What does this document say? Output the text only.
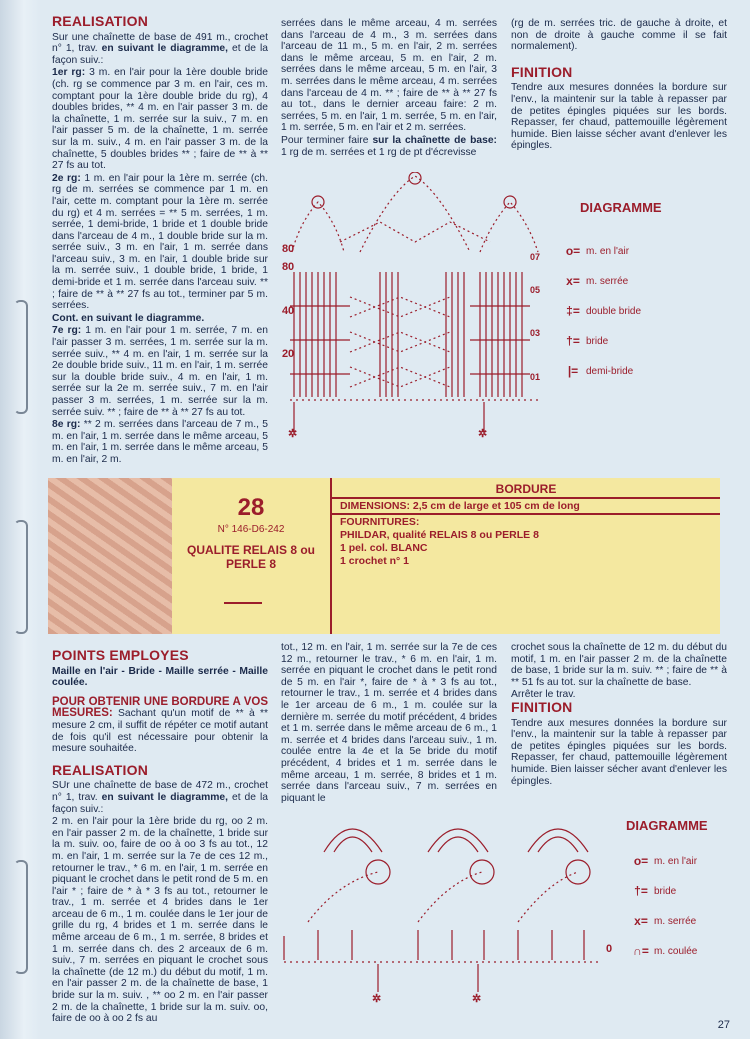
REALISATION

Sur une chaînette de base de 491 m., crochet n° 1, trav. en suivant le diagramme, et de la façon suiv.:

1er rg: 3 m. en l'air pour la 1ère double bride (ch. rg se commence par 3 m. en l'air, ces m. comptant pour la 1ère double bride du rg), 4 doubles brides, ** 4 m. en l'air passer 3 m. de la chaînette, 1 m. serrée sur la suiv., 7 m. en l'air passer 5 m. de la chaînette, 1 m. serrée sur la m. suiv., 4 m. en l'air passer 3 m. de la chaînette, 5 doubles brides ** ; faire de ** à ** 27 fs au tot.

2e rg: 1 m. en l'air pour la 1ère m. serrée (ch. rg de m. serrées se commence par 1 m. en l'air, cette m. comptant pour la 1ère m. serrée du rg) et 4 m. serrées = ** 5 m. serrées, 1 m. serrée, 1 demi-bride, 1 bride et 1 double bride dans l'arceau de 4 m., 1 double bride sur la m. serrée suiv., 3 m. en l'air, 1 m. serrée dans l'arceau suiv., 3 m. en l'air, 1 double bride sur la m. serrée suiv., 1 double bride, 1 bride, 1 demi-bride et 1 m. serrée dans l'arceau suiv. ** ; faire de ** à ** 27 fs au tot., terminer par 5 m. serrées.

Cont. en suivant le diagramme.

7e rg: 1 m. en l'air pour 1 m. serrée, 7 m. en l'air passer 3 m. serrées, 1 m. serrée sur la m. serrée suiv., ** 4 m. en l'air, 1 m. serrée sur la 2e double bride suiv., 11 m. en l'air, 1 m. serrée sur la double bride suiv., 4 m. en l'air, 1 m. serrée sur la 2e m. serrée suiv., 7 m. en l'air passer 3 m. serrées, 1 m. serrée sur la m. serrée suiv. ** ; faire de ** à ** 27 fs au tot.

8e rg: ** 2 m. serrées dans l'arceau de 7 m., 5 m. en l'air, 1 m. serrée dans le même arceau, 5 m. en l'air, 1 m. serrée dans le même arceau, 5 m. en l'air, 2 m.

serrées dans le même arceau, 4 m. serrées dans l'arceau de 4 m., 3 m. serrées dans l'arceau de 11 m., 5 m. en l'air, 2 m. serrées dans le même arceau, 5 m. en l'air, 2 m. serrées dans le même arceau, 5 m. en l'air, 3 m. serrées dans le même arceau, 4 m. serrées dans l'arceau de 4 m. ** ; faire de ** à ** 27 fs au tot., dans le dernier arceau faire: 2 m. serrées, 5 m. en l'air, 1 m. serrée, 5 m. en l'air, 1 m. serrée, 5 m. en l'air et 2 m. serrées.

Pour terminer faire sur la chaînette de base: 1 rg de m. serrées et 1 rg de pt d'écrevisse

(rg de m. serrées tric. de gauche à droite, et non de droite à gauche comme il se fait normalement).

FINITION

Tendre aux mesures données la bordure sur l'env., la maintenir sur la table à repasser par de petites épingles piquées sur les bords. Repasser, fer chaud, pattemouille légèrement humide. Bien laisse sécher avant d'enlever les épingles.

✲	✲
8 0
8 0
4 0
2 0
07
05
03
01
DIAGRAMME
o= m. en l'air
x= m. serrée
‡= double bride
†= bride
|= demi-bride
28
N° 146-D6-242
QUALITE RELAIS 8 ou PERLE 8
BORDURE
DIMENSIONS: 2,5 cm de large et 105 cm de long
FOURNITURES:
PHILDAR, qualité RELAIS 8 ou PERLE 8
1 pel. col. BLANC
1 crochet n° 1
POINTS EMPLOYES

Maille en l'air - Bride - Maille serrée - Maille coulée.

POUR OBTENIR UNE BORDURE A VOS MESURES: Sachant qu'un motif de ** à ** mesure 2 cm, il suffit de répéter ce motif autant de fois qu'il est nécessaire pour obtenir la mesure souhaitée.

REALISATION

SUr une chaînette de base de 472 m., crochet n° 1, trav. en suivant le diagramme, et de la façon suiv.:

2 m. en l'air pour la 1ère bride du rg, oo 2 m. en l'air passer 2 m. de la chaînette, 1 bride sur la m. suiv. oo, faire de oo à oo 3 fs au tot., 12 m. en l'air, 1 m. serrée sur la 7e de ces 12 m., retourner le trav., * 6 m. en l'air, 1 m. serrée en piquant le crochet dans le petit rond de 5 m. en l'air * ; faire de * à * 3 fs au tot., retourner le trav., 1 m. serrée et 4 brides dans le 1er arceau de 6 m., 1 m. coulée dans le 1er jour de grille du rg, 4 brides et 1 m. serrée dans le même arceau de 6 m., 1 m. serrée, 8 brides et 1 m. serrée dans ch. des 2 arceaux de 6 m. suiv., 7 m. serrées en piquant le crochet sous la chaînette (de 12 m.) du début du motif, 1 m. en l'air passer 2 m. de la chaînette de base, 1 bride sur la m. suiv. , ** oo 2 m. en l'air passer 2 m. de la chaînette, 1 bride sur la m. suiv. oo, faire de oo à oo 2 fs au

tot., 12 m. en l'air, 1 m. serrée sur la 7e de ces 12 m., retourner le trav., * 6 m. en l'air, 1 m. serrée en piquant le crochet dans le petit rond de 5 m. en l'air *, faire de * à * 3 fs au tot., retourner le trav., 1 m. serrée et 4 brides dans le 1er arceau de 6 m., 1 m. coulée sur la dernière m. serrée du motif précédent, 4 brides et 1 m. serrée dans le même arceau de 6 m., 1 m. serrée et 4 brides dans l'arceau suiv., 1 m. coulée entre la 4e et la 5e bride du motif précédent, 4 brides et 1 m. serrée dans le même arceau, 1 m. serrée, 8 brides et 1 m. serrée dans l'arceau suiv., 7 m. serrées en piquant le

crochet sous la chaînette de 12 m. du début du motif, 1 m. en l'air passer 2 m. de la chaînette de base, 1 bride sur la m. suiv. ** ; faire de ** à ** 51 fs au tot. sur la chaînette de base.

Arrêter le trav.

FINITION

Tendre aux mesures données la bordure sur l'env., la maintenir sur la table à repasser par de petites épingles piquées sur les bords. Repasser, fer chaud, pattemouille légèrement humide. Bien laisser sécher avant d'enlever les épingles.

✲	✲
0
DIAGRAMME
o= m. en l'air
†= bride
x= m. serrée
∩= m. coulée
27
